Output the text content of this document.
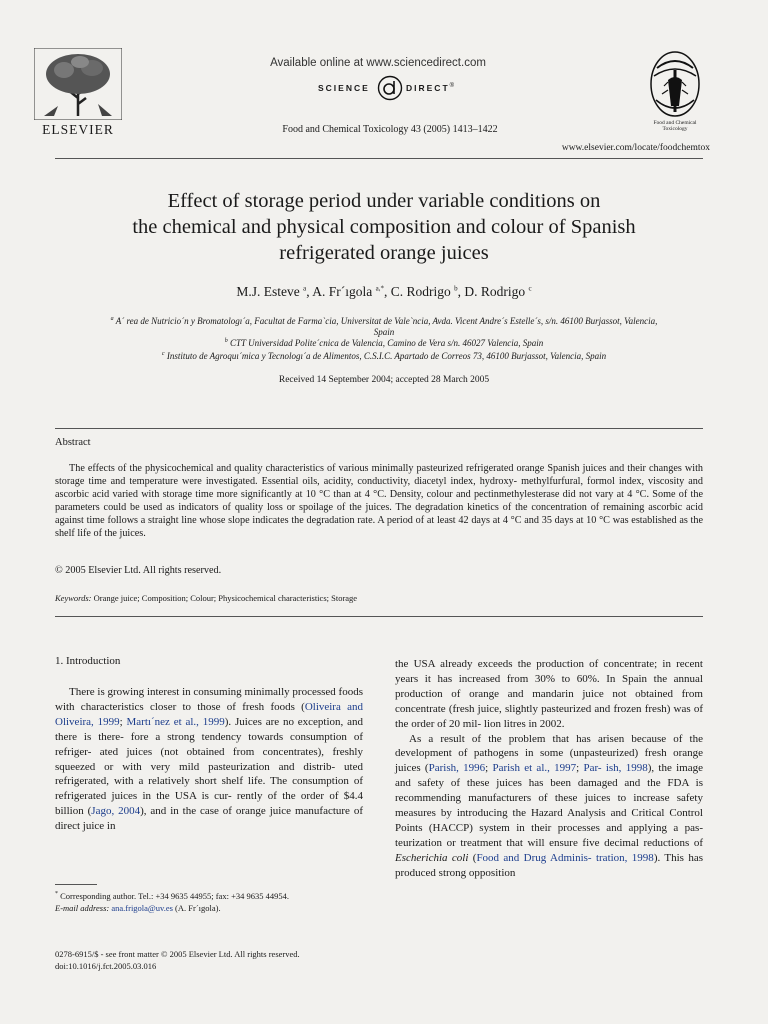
ELSEVIER
Available online at www.sciencedirect.com
SCIENCE	DIRECT®
Food and Chemical Toxicology 43 (2005) 1413–1422
Food and Chemical Toxicology
www.elsevier.com/locate/foodchemtox
Effect of storage period under variable conditions on
the chemical and physical composition and colour of Spanish
refrigerated orange juices
M.J. Esteve $^a$, A. Fr´ıgola $^{a,*}$, C. Rodrigo $^b$, D. Rodrigo $^c$
$^a$ A´ rea de Nutricio´n y Bromatologı´a, Facultat de Farma`cia, Universitat de Vale`ncia, Avda. Vicent Andre´s Estelle´s, s/n. 46100 Burjassot, Valencia,
Spain
$^b$ CTT Universidad Polite´cnica de Valencia, Camino de Vera s/n. 46027 Valencia, Spain
$^c$ Instituto de Agroquı´mica y Tecnologı´a de Alimentos, C.S.I.C. Apartado de Correos 73, 46100 Burjassot, Valencia, Spain
Received 14 September 2004; accepted 28 March 2005
Abstract

The effects of the physicochemical and quality characteristics of various minimally pasteurized refrigerated orange Spanish juices and their changes with storage time and temperature were investigated. Essential oils, acidity, conductivity, diacetyl index, hydroxy- methylfurfural, formol index, viscosity and ascorbic acid varied with storage time more significantly at 10 °C than at 4 °C. Density, colour and pectinmethylesterase did not vary at 4 °C. Some of the parameters could be used as indicators of quality loss or spoilage of the juices. The degradation kinetics of the concentration of remaining ascorbic acid against time follows a straight line whose slope indicates the degradation rate. A period of at least 42 days at 4 °C and 35 days at 10 °C was established as the shelf life of the juices.

© 2005 Elsevier Ltd. All rights reserved.
Keywords: Orange juice; Composition; Colour; Physicochemical characteristics; Storage
1. Introduction

There is growing interest in consuming minimally processed foods with characteristics closer to those of fresh foods (Oliveira and Oliveira, 1999; Martı´nez et al., 1999). Juices are no exception, and there is there- fore a strong tendency towards consumption of refriger- ated juices (not obtained from concentrates), freshly squeezed or with very mild pasteurization and distrib- uted refrigerated, with a relatively short shelf life. The consumption of refrigerated juices in the USA is cur- rently of the order of $4.4 billion (Jago, 2004), and in the case of orange juice manufacture of direct juice in

the USA already exceeds the production of concentrate; in recent years it has increased from 30% to 60%. In Spain the annual production of orange and mandarin juice not obtained from concentrate (fresh juice, slightly pasteurized and frozen fresh) was of the order of 20 mil- lion litres in 2002.

As a result of the problem that has arisen because of the development of pathogens in some (unpasteurized) fresh orange juices (Parish, 1996; Parish et al., 1997; Par- ish, 1998), the image and safety of these juices has been damaged and the FDA is recommending manufacturers of these juices to increase safety measures by introducing the Hazard Analysis and Critical Control Points (HACCP) system in their processes and applying a pas- teurization or treatment that will ensure five decimal reductions of Escherichia coli (Food and Drug Adminis- tration, 1998). This has produced strong opposition

* Corresponding author. Tel.: +34 9635 44955; fax: +34 9635 44954.
E-mail address: ana.frigola@uv.es (A. Fr´ıgola).
0278-6915/$ - see front matter © 2005 Elsevier Ltd. All rights reserved.
doi:10.1016/j.fct.2005.03.016
